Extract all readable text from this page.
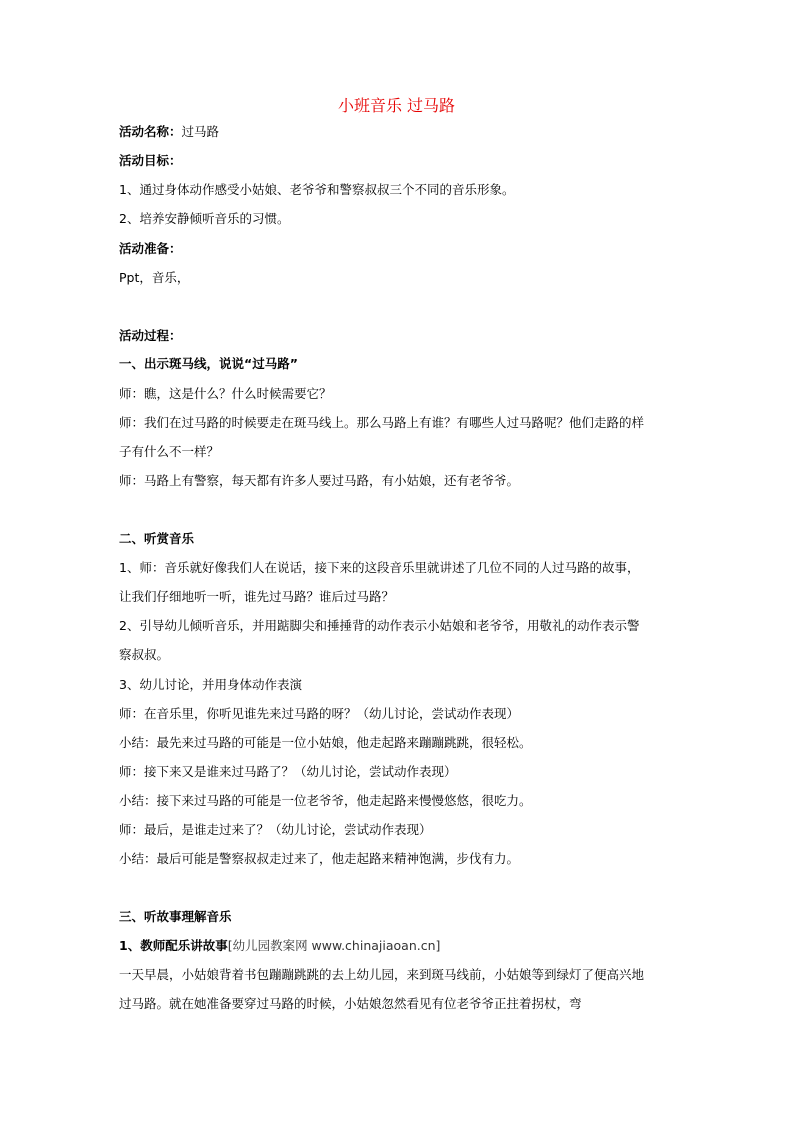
小班音乐 过马路
活动名称：过马路
活动目标：
1、通过身体动作感受小姑娘、老爷爷和警察叔叔三个不同的音乐形象。
2、培养安静倾听音乐的习惯。
活动准备：
Ppt，音乐，
活动过程：
一、出示斑马线，说说“过马路”
师：瞧，这是什么？什么时候需要它？
师：我们在过马路的时候要走在斑马线上。那么马路上有谁？有哪些人过马路呢？他们走路的样
子有什么不一样？
师：马路上有警察，每天都有许多人要过马路，有小姑娘，还有老爷爷。
二、听赏音乐
1、师：音乐就好像我们人在说话，接下来的这段音乐里就讲述了几位不同的人过马路的故事，
让我们仔细地听一听，谁先过马路？谁后过马路？
2、引导幼儿倾听音乐，并用踮脚尖和捶捶背的动作表示小姑娘和老爷爷，用敬礼的动作表示警
察叔叔。
3、幼儿讨论，并用身体动作表演
师：在音乐里，你听见谁先来过马路的呀？（幼儿讨论，尝试动作表现）
小结：最先来过马路的可能是一位小姑娘，他走起路来蹦蹦跳跳，很轻松。
师：接下来又是谁来过马路了？（幼儿讨论，尝试动作表现）
小结：接下来过马路的可能是一位老爷爷，他走起路来慢慢悠悠，很吃力。
师：最后，是谁走过来了？（幼儿讨论，尝试动作表现）
小结：最后可能是警察叔叔走过来了，他走起路来精神饱满，步伐有力。
三、听故事理解音乐
1、教师配乐讲故事[幼儿园教案网 www.chinajiaoan.cn]
一天早晨，小姑娘背着书包蹦蹦跳跳的去上幼儿园，来到斑马线前，小姑娘等到绿灯了便高兴地
过马路。就在她准备要穿过马路的时候，小姑娘忽然看见有位老爷爷正拄着拐杖，弯
